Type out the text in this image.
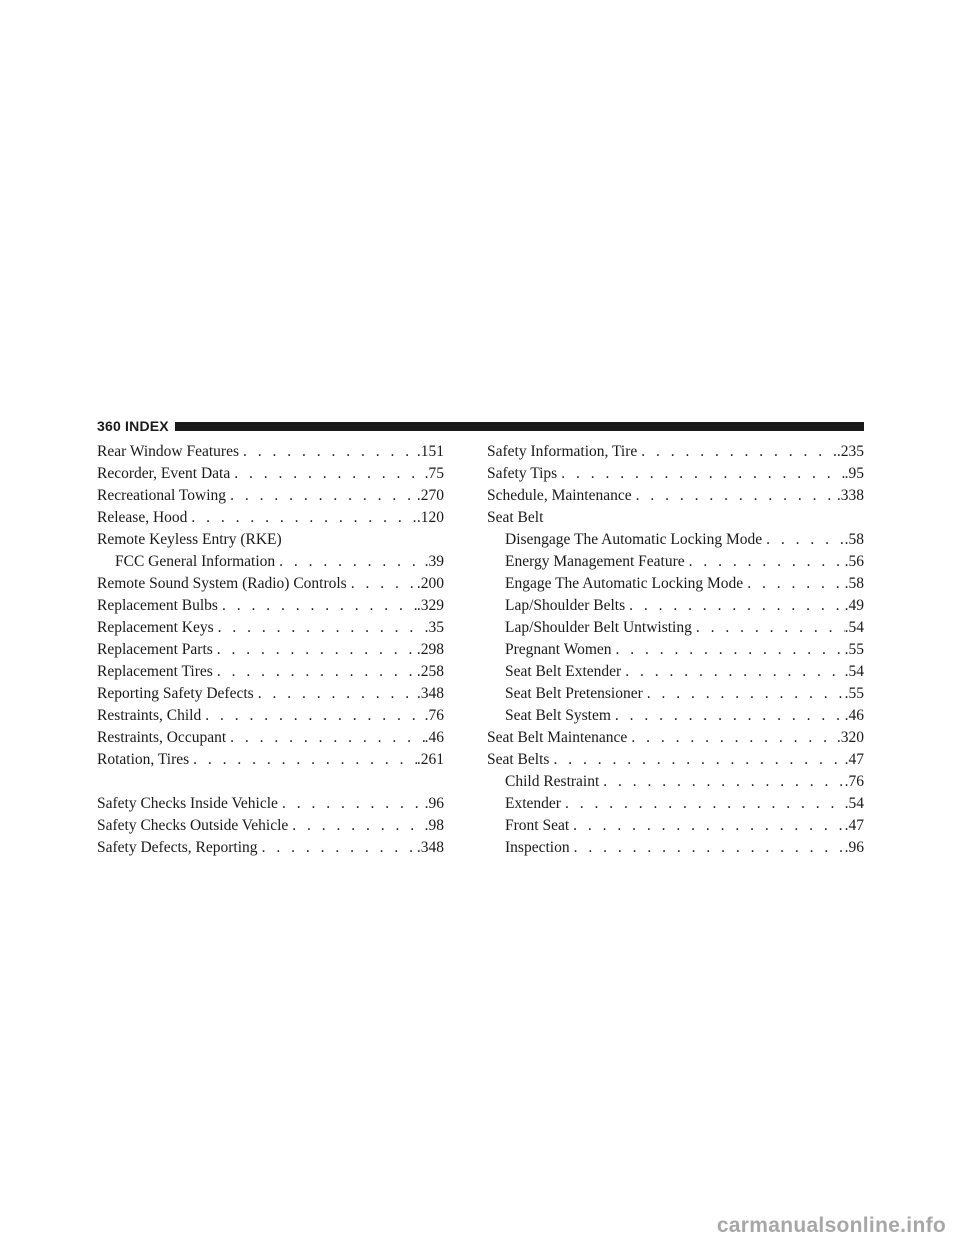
360 INDEX
Rear Window Features . . .	.151
Recorder, Event Data . . .	.75
Recreational Towing . . .	.270
Release, Hood . . .	.120
Remote Keyless Entry (RKE)
FCC General Information . . .	.39
Remote Sound System (Radio) Controls . . .	.200
Replacement Bulbs . . .	.329
Replacement Keys . . .	.35
Replacement Parts . . .	.298
Replacement Tires . . .	.258
Reporting Safety Defects . . .	.348
Restraints, Child . . .	.76
Restraints, Occupant . . .	.46
Rotation, Tires . . .	.261
Safety Checks Inside Vehicle . . .	.96
Safety Checks Outside Vehicle . . .	.98
Safety Defects, Reporting . . .	.348
Safety Information, Tire . . .	.235
Safety Tips . . .	.95
Schedule, Maintenance . . .	.338
Seat Belt
Disengage The Automatic Locking Mode . . .	.58
Energy Management Feature . . .	.56
Engage The Automatic Locking Mode . . .	.58
Lap/Shoulder Belts . . .	.49
Lap/Shoulder Belt Untwisting . . .	.54
Pregnant Women . . .	.55
Seat Belt Extender . . .	.54
Seat Belt Pretensioner . . .	.55
Seat Belt System . . .	.46
Seat Belt Maintenance . . .	.320
Seat Belts . . .	.47
Child Restraint . . .	.76
Extender . . .	.54
Front Seat . . .	.47
Inspection . . .	.96
carmanualsonline.info
